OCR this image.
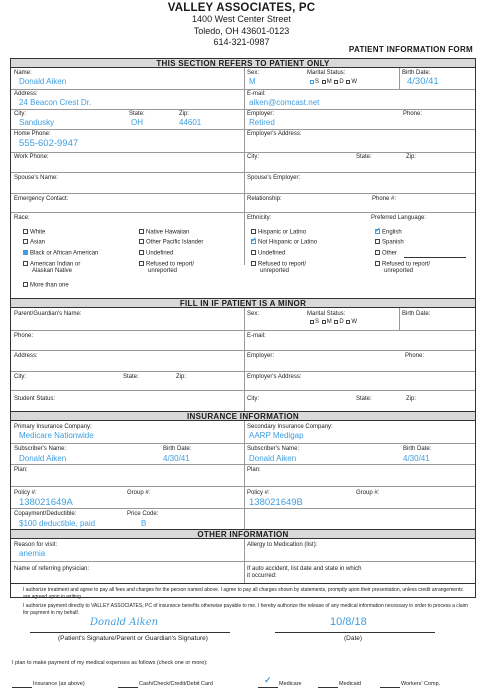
VALLEY ASSOCIATES, PC
1400 West Center Street
Toledo, OH 43601-0123
614-321-0987
PATIENT INFORMATION FORM
THIS SECTION REFERS TO PATIENT ONLY
Name:
Donald Aiken
Sex:
M
Marital Status:
S M D W
Birth Date:
4/30/41
Address:
24 Beacon Crest Dr.
E-mail:
aiken@comcast.net
City:
Sandusky
State:
OH
Zip:
44601
Employer:
Retired
Phone:
Home Phone:
555-602-9947
Employer's Address:
Work Phone:	City:	State:	Zip:
Spouse's Name:	Spouse's Employer:
Emergency Contact:	Relationship:	Phone #:
Race:
White
Asian
Black or African American
American Indian or
Alaskan Native
More than one
Native Hawaiian
Other Pacific Islander
Undefined
Refused to report/
unreported
Ethnicity:
Hispanic or Latino
Not Hispanic or Latino
✓
Undefined
Refused to report/
unreported
Preferred Language:
English
✓
Spanish
Other
Refused to report/
unreported
FILL IN IF PATIENT IS A MINOR
Parent/Guardian's Name:	Sex:	Marital Status:
S M D W
Birth Date:
Phone:	E-mail:
Address:	Employer:	Phone:
City:	State:	Zip:	Employer's Address:
Student Status:	City:	State:	Zip:
INSURANCE INFORMATION
Primary Insurance Company:
Medicare Nationwide
Secondary Insurance Company:
AARP Medigap
Subscriber's Name:
Donald Aiken
Birth Date:
4/30/41
Subscriber's Name:
Donald Aiken
Birth Date:
4/30/41
Plan:	Plan:
Policy #:
138021649A
Group #:	Policy #:
138021649B
Group #:
Copayment/Deductible:
$100 deductible, paid
Price Code:
B
OTHER INFORMATION
Reason for visit:
anemia
Allergy to Medication (list):
Name of referring physician:	If auto accident, list date and state in which
it occurred:
I authorize treatment and agree to pay all fees and charges for the person named above. I agree to pay all charges shown by statements, promptly upon their presentation, unless credit arrangements are agreed upon in writing.
I authorize payment directly to VALLEY ASSOCIATES, PC of insurance benefits otherwise payable to me. I hereby authorize the release of any medical information necessary in order to process a claim for payment in my behalf.
Donald Aiken
(Patient's Signature/Parent or Guardian's Signature)
10/8/18
(Date)
I plan to make payment of my medical expenses as follows (check one or more):
Insurance (as above)	Cash/Check/Credit/Debit Card	✓ Medicare	Medicaid	Workers' Comp.
